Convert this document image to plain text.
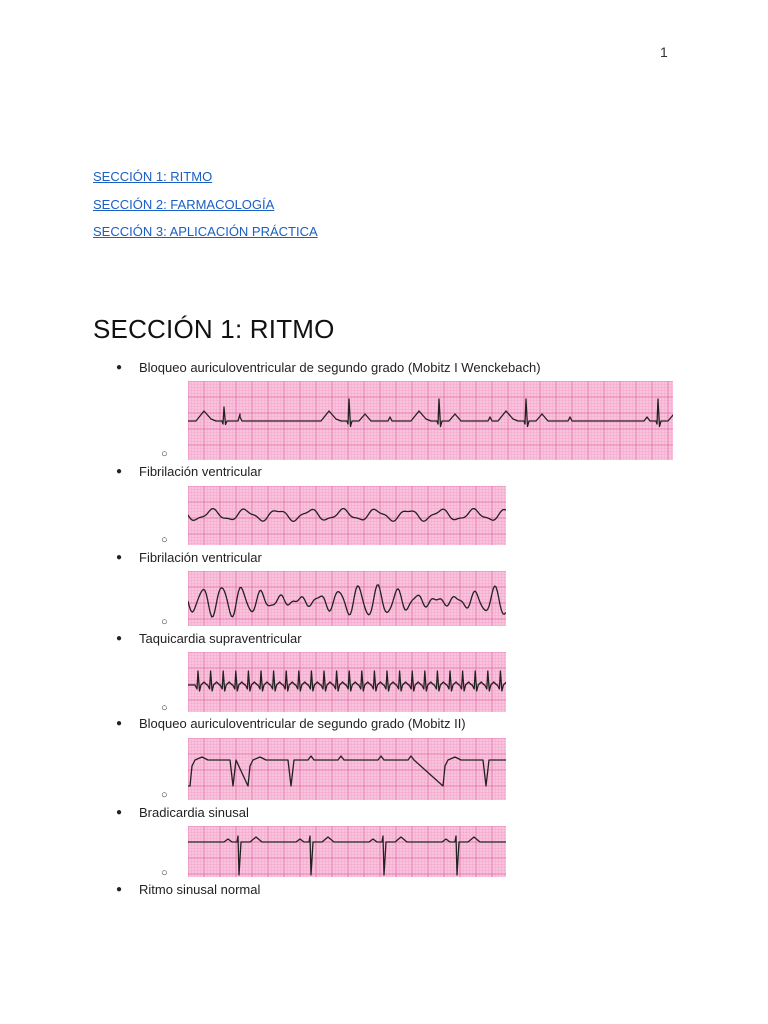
1
SECCIÓN 1: RITMO
SECCIÓN 2: FARMACOLOGÍA
SECCIÓN 3: APLICACIÓN PRÁCTICA
SECCIÓN 1: RITMO
● Bloqueo auriculoventricular de segundo grado (Mobitz I Wenckebach)
○
● Fibrilación ventricular
○
● Fibrilación ventricular
○
● Taquicardia supraventricular
○
● Bloqueo auriculoventricular de segundo grado (Mobitz II)
○
● Bradicardia sinusal
○
● Ritmo sinusal normal
